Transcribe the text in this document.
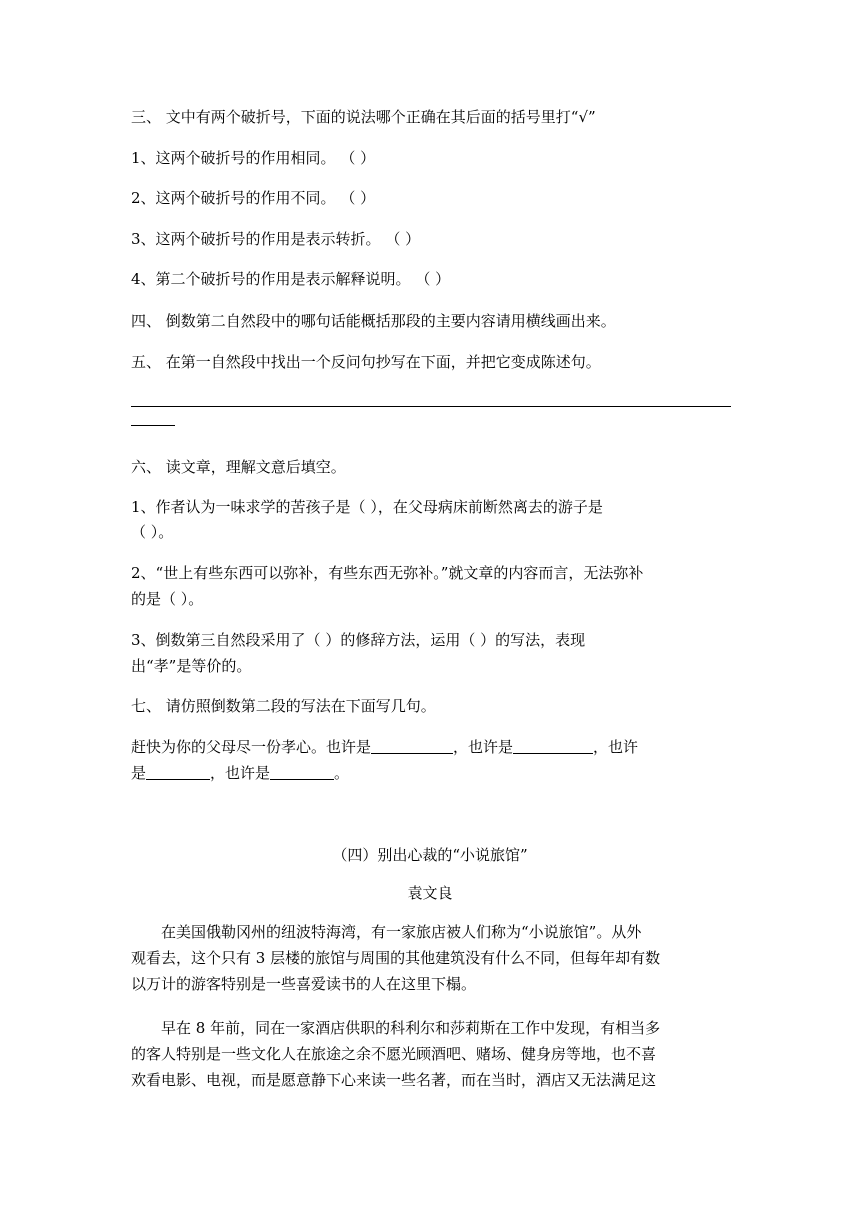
三、 文中有两个破折号，下面的说法哪个正确在其后面的括号里打“√”

1、这两个破折号的作用相同。 （ ）

2、这两个破折号的作用不同。 （ ）

3、这两个破折号的作用是表示转折。 （ ）

4、第二个破折号的作用是表示解释说明。 （ ）

四、 倒数第二自然段中的哪句话能概括那段的主要内容请用横线画出来。

五、 在第一自然段中找出一个反问句抄写在下面，并把它变成陈述句。

六、 读文章，理解文意后填空。

1、作者认为一味求学的苦孩子是（ ），在父母病床前断然离去的游子是

（ ）。

2、“世上有些东西可以弥补，有些东西无弥补。”就文章的内容而言，无法弥补

的是（ ）。

3、倒数第三自然段采用了（ ）的修辞方法，运用（ ）的写法，表现

出“孝”是等价的。

七、 请仿照倒数第二段的写法在下面写几句。

赶快为你的父母尽一份孝心。也许是	，也许是	，也许

是	，也许是	。

（四）别出心裁的“小说旅馆”

袁文良

在美国俄勒冈州的纽波特海湾，有一家旅店被人们称为“小说旅馆”。从外

观看去，这个只有 3 层楼的旅馆与周围的其他建筑没有什么不同，但每年却有数

以万计的游客特别是一些喜爱读书的人在这里下榻。

早在 8 年前，同在一家酒店供职的科利尔和莎莉斯在工作中发现，有相当多

的客人特别是一些文化人在旅途之余不愿光顾酒吧、赌场、健身房等地，也不喜

欢看电影、电视，而是愿意静下心来读一些名著，而在当时，酒店又无法满足这
